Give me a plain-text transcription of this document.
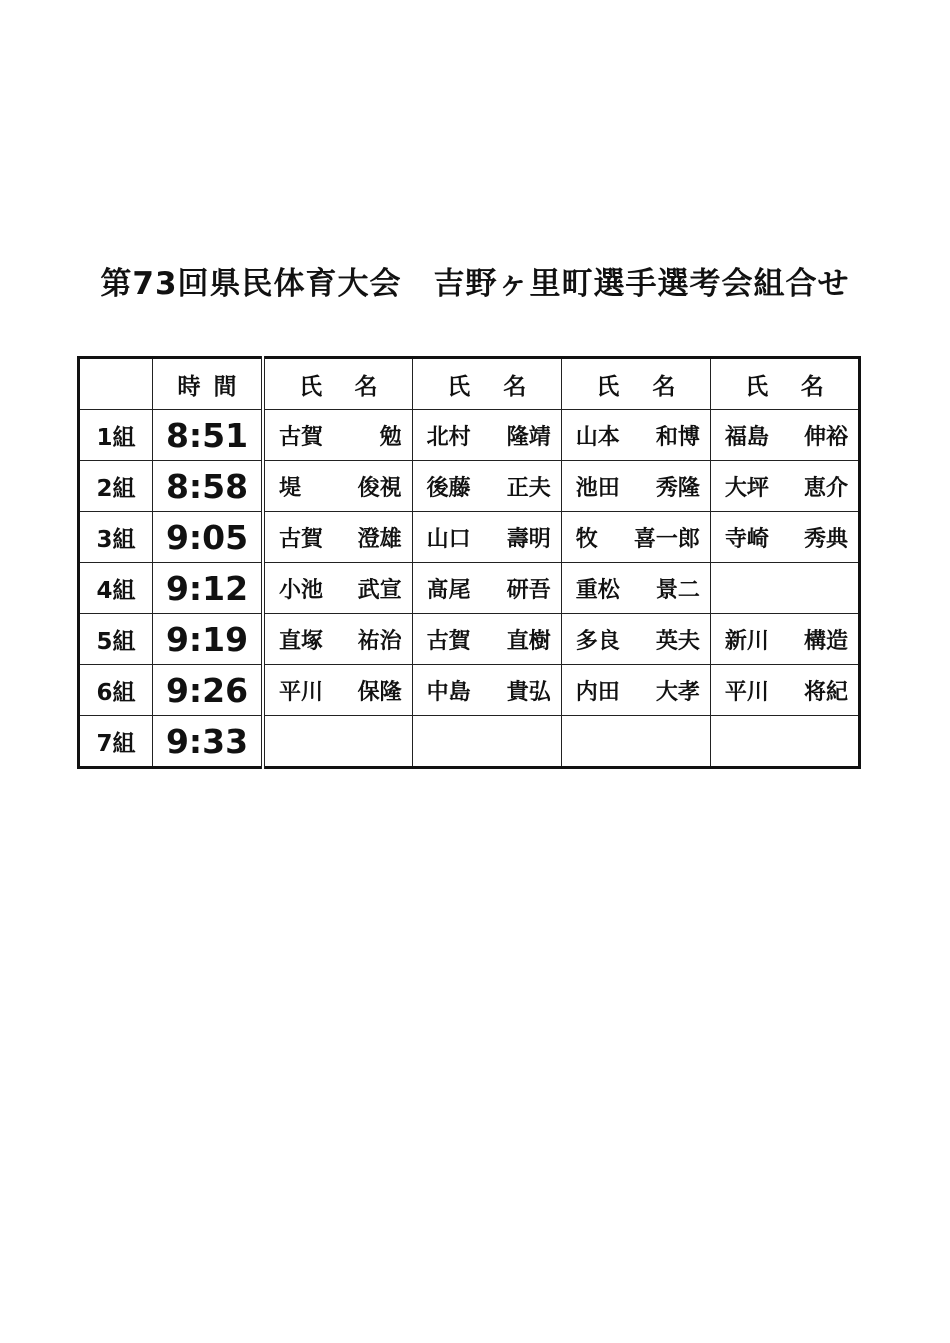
第73回県民体育大会　吉野ヶ里町選手選考会組合せ

	時 間	氏 名	氏 名	氏 名	氏 名

1組	8:51	古賀 勉	北村 隆靖	山本 和博	福島 伸裕

2組	8:58	堤 俊視	後藤 正夫	池田 秀隆	大坪 恵介

3組	9:05	古賀 澄雄	山口 壽明	牧 喜一郎	寺崎 秀典

4組	9:12	小池 武宣	髙尾 研吾	重松 景二	

5組	9:19	直塚 祐治	古賀 直樹	多良 英夫	新川 構造

6組	9:26	平川 保隆	中島 貴弘	内田 大孝	平川 将紀

7組	9:33	
